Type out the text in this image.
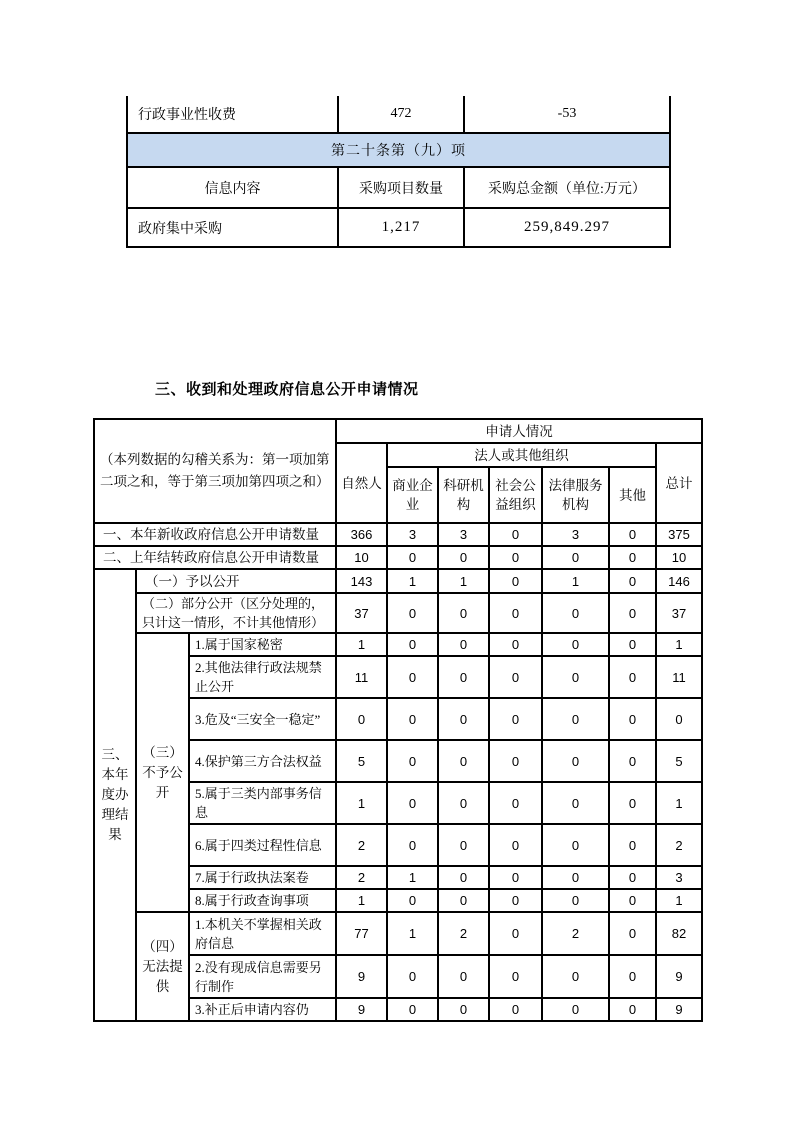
行政事业性收费	472	-53
第二十条第（九）项		
信息内容	采购项目数量	采购总金额（单位:万元）
政府集中采购	1,217	259,849.297
三、收到和处理政府信息公开申请情况
（本列数据的勾稽关系为：第一项加第二项之和，等于第三项加第四项之和）			申请人情况						
			自然人	法人或其他组织					总计
				商业企业	科研机构	社会公益组织	法律服务机构	其他	
一、本年新收政府信息公开申请数量			366	3	3	0	3	0	375
二、上年结转政府信息公开申请数量			10	0	0	0	0	0	10
三、本年度办理结果	（一）予以公开		143	1	1	0	1	0	146
	（二）部分公开（区分处理的，只计这一情形，不计其他情形）		37	0	0	0	0	0	37
	（三）不予公开	1.属于国家秘密	1	0	0	0	0	0	1
		2.其他法律行政法规禁止公开	11	0	0	0	0	0	11
		3.危及“三安全一稳定”	0	0	0	0	0	0	0
		4.保护第三方合法权益	5	0	0	0	0	0	5
		5.属于三类内部事务信息	1	0	0	0	0	0	1
		6.属于四类过程性信息	2	0	0	0	0	0	2
		7.属于行政执法案卷	2	1	0	0	0	0	3
		8.属于行政查询事项	1	0	0	0	0	0	1
	（四）无法提供	1.本机关不掌握相关政府信息	77	1	2	0	2	0	82
		2.没有现成信息需要另行制作	9	0	0	0	0	0	9
		3.补正后申请内容仍	9	0	0	0	0	0	9
